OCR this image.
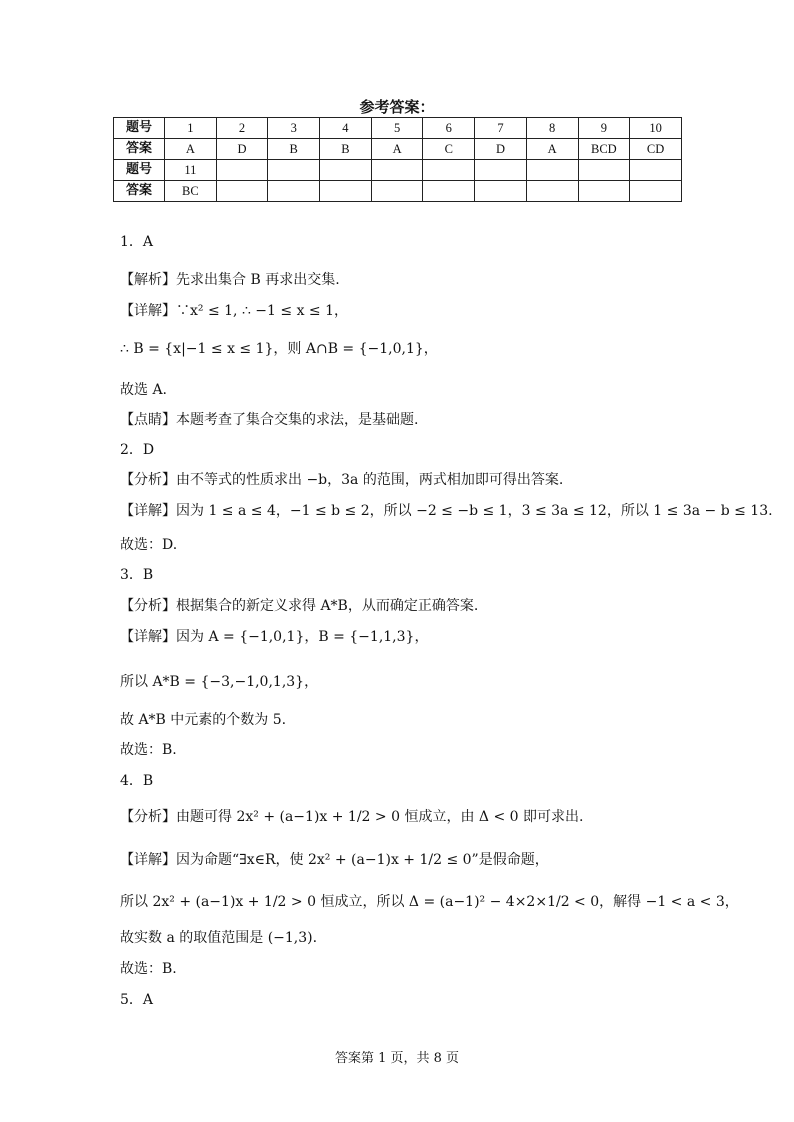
参考答案：
题号	1	2	3	4	5	6	7	8	9	10
答案	A	D	B	B	A	C	D	A	BCD	CD
题号	11									
答案	BC									
1．A
【解析】先求出集合 B 再求出交集.
【详解】∵x² ≤ 1, ∴ −1 ≤ x ≤ 1，
∴ B = {x|−1 ≤ x ≤ 1}，则 A∩B = {−1,0,1}，
故选 A.
【点睛】本题考查了集合交集的求法，是基础题.
2．D
【分析】由不等式的性质求出 −b，3a 的范围，两式相加即可得出答案.
【详解】因为 1 ≤ a ≤ 4，−1 ≤ b ≤ 2，所以 −2 ≤ −b ≤ 1，3 ≤ 3a ≤ 12，所以 1 ≤ 3a − b ≤ 13.
故选：D.
3．B
【分析】根据集合的新定义求得 A*B，从而确定正确答案.
【详解】因为 A = {−1,0,1}，B = {−1,1,3}，
所以 A*B = {−3,−1,0,1,3}，
故 A*B 中元素的个数为 5.
故选：B.
4．B
【分析】由题可得 2x² + (a−1)x + 1/2 > 0 恒成立，由 Δ < 0 即可求出.
【详解】因为命题“∃x∈R，使 2x² + (a−1)x + 1/2 ≤ 0”是假命题，
所以 2x² + (a−1)x + 1/2 > 0 恒成立，所以 Δ = (a−1)² − 4×2×1/2 < 0，解得 −1 < a < 3，
故实数 a 的取值范围是 (−1,3).
故选：B.
5．A
答案第 1 页，共 8 页
